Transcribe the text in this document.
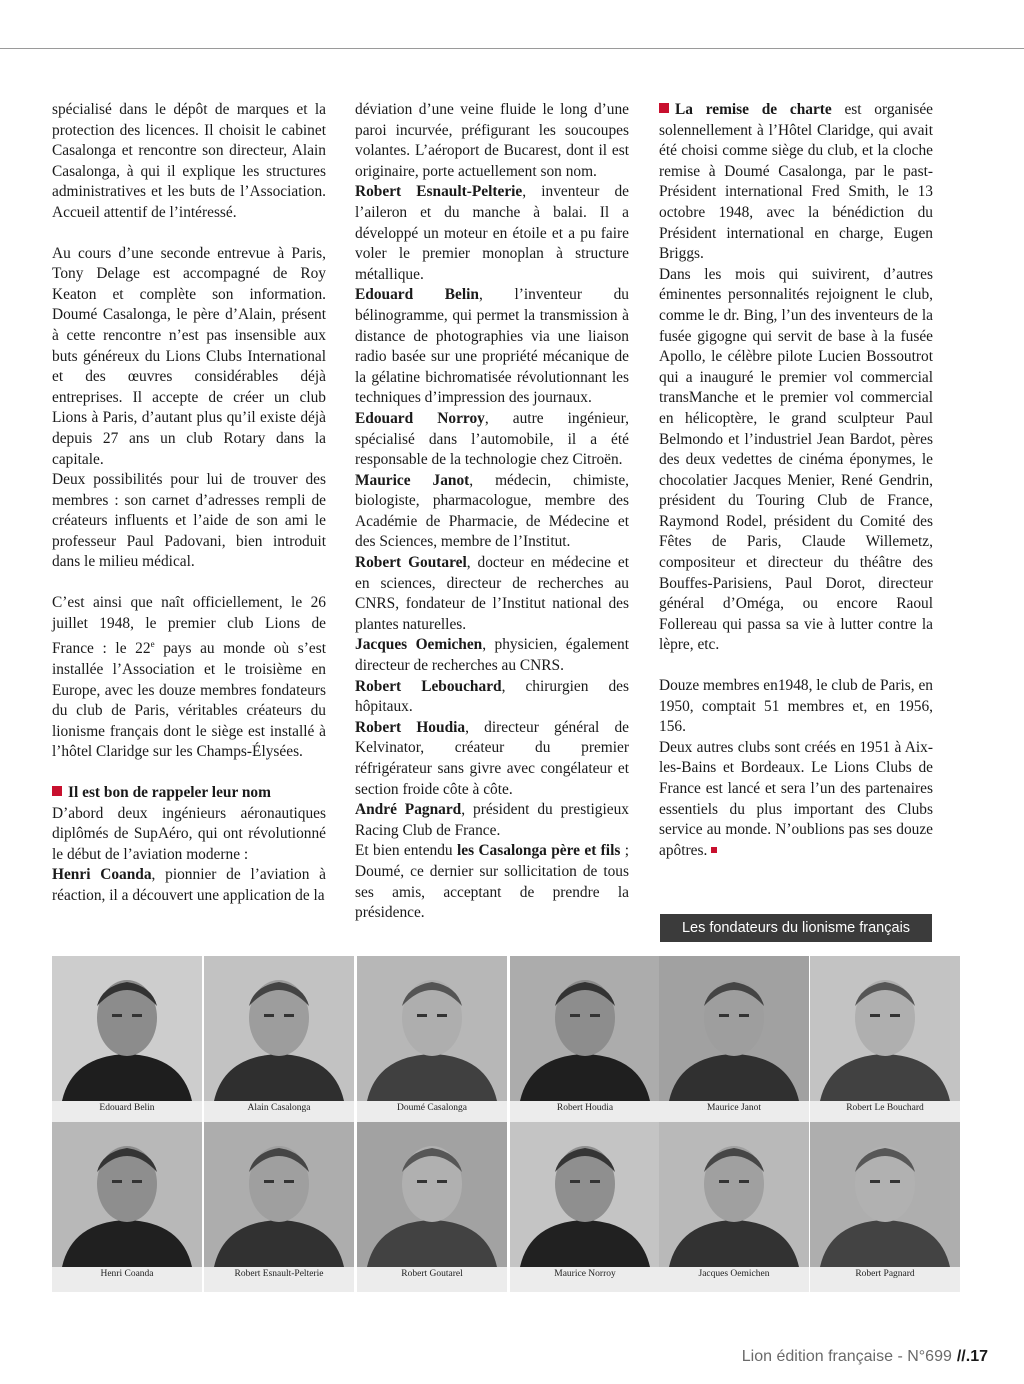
spécialisé dans le dépôt de marques et la protection des licences. Il choisit le cabinet Casalonga et rencontre son directeur, Alain Casalonga, à qui il explique les structures administratives et les buts de l’Association. Accueil attentif de l’intéressé.

Au cours d’une seconde entrevue à Paris, Tony Delage est accompagné de Roy Keaton et complète son information. Doumé Casalonga, le père d’Alain, présent à cette rencontre n’est pas insensible aux buts généreux du Lions Clubs International et des œuvres considérables déjà entreprises. Il accepte de créer un club Lions à Paris, d’autant plus qu’il existe déjà depuis 27 ans un club Rotary dans la capitale.

Deux possibilités pour lui de trouver des membres : son carnet d’adresses rempli de créateurs influents et l’aide de son ami le professeur Paul Padovani, bien introduit dans le milieu médical.

C’est ainsi que naît officiellement, le 26 juillet 1948, le premier club Lions de France : le 22e pays au monde où s’est installée l’Association et le troisième en Europe, avec les douze membres fondateurs du club de Paris, véritables créateurs du lionisme français dont le siège est installé à l’hôtel Claridge sur les Champs-Élysées.

Il est bon de rappeler leur nom

D’abord deux ingénieurs aéronautiques diplômés de SupAéro, qui ont révolutionné le début de l’aviation moderne :

Henri Coanda, pionnier de l’aviation à réaction, il a découvert une application de la

déviation d’une veine fluide le long d’une paroi incurvée, préfigurant les soucoupes volantes. L’aéroport de Bucarest, dont il est originaire, porte actuellement son nom.

Robert Esnault-Pelterie, inventeur de l’aileron et du manche à balai. Il a développé un moteur en étoile et a pu faire voler le premier monoplan à structure métallique.

Edouard Belin, l’inventeur du bélinogramme, qui permet la transmission à distance de photographies via une liaison radio basée sur une propriété mécanique de la gélatine bichromatisée révolutionnant les techniques d’impression des journaux.

Edouard Norroy, autre ingénieur, spécialisé dans l’automobile, il a été responsable de la technologie chez Citroën.

Maurice Janot, médecin, chimiste, biologiste, pharmacologue, membre des Académie de Pharmacie, de Médecine et des Sciences, membre de l’Institut.

Robert Goutarel, docteur en médecine et en sciences, directeur de recherches au CNRS, fondateur de l’Institut national des plantes naturelles.

Jacques Oemichen, physicien, également directeur de recherches au CNRS.

Robert Lebouchard, chirurgien des hôpitaux.

Robert Houdia, directeur général de Kelvinator, créateur du premier réfrigérateur sans givre avec congélateur et section froide côte à côte.

André Pagnard, président du prestigieux Racing Club de France.

Et bien entendu les Casalonga père et fils ; Doumé, ce dernier sur sollicitation de tous ses amis, acceptant de prendre la présidence.

La remise de charte est organisée solennellement à l’Hôtel Claridge, qui avait été choisi comme siège du club, et la cloche remise à Doumé Casalonga, par le past-Président international Fred Smith, le 13 octobre 1948, avec la bénédiction du Président international en charge, Eugen Briggs.

Dans les mois qui suivirent, d’autres éminentes personnalités rejoignent le club, comme le dr. Bing, l’un des inventeurs de la fusée gigogne qui servit de base à la fusée Apollo, le célèbre pilote Lucien Bossoutrot qui a inauguré le premier vol commercial transManche et le premier vol commercial en hélicoptère, le grand sculpteur Paul Belmondo et l’industriel Jean Bardot, pères des deux vedettes de cinéma éponymes, le chocolatier Jacques Menier, René Gendrin, président du Touring Club de France, Raymond Rodel, président du Comité des Fêtes de Paris, Claude Willemetz, compositeur et directeur du théâtre des Bouffes-Parisiens, Paul Dorot, directeur général d’Oméga, ou encore Raoul Follereau qui passa sa vie à lutter contre la lèpre, etc.

Douze membres en1948, le club de Paris, en 1950, comptait 51 membres et, en 1956, 156.

Deux autres clubs sont créés en 1951 à Aix-les-Bains et Bordeaux. Le Lions Clubs de France est lancé et sera l’un des partenaires essentiels du plus important des Clubs service au monde. N’oublions pas ses douze apôtres.

Les fondateurs du lionisme français
Edouard Belin	Alain Casalonga	Doumé Casalonga	Robert Houdia	Maurice Janot	Robert Le Bouchard
Henri Coanda	Robert Esnault-Pelterie	Robert Goutarel	Maurice Norroy	Jacques Oemichen	Robert Pagnard
Lion édition française - N°699 //.17
